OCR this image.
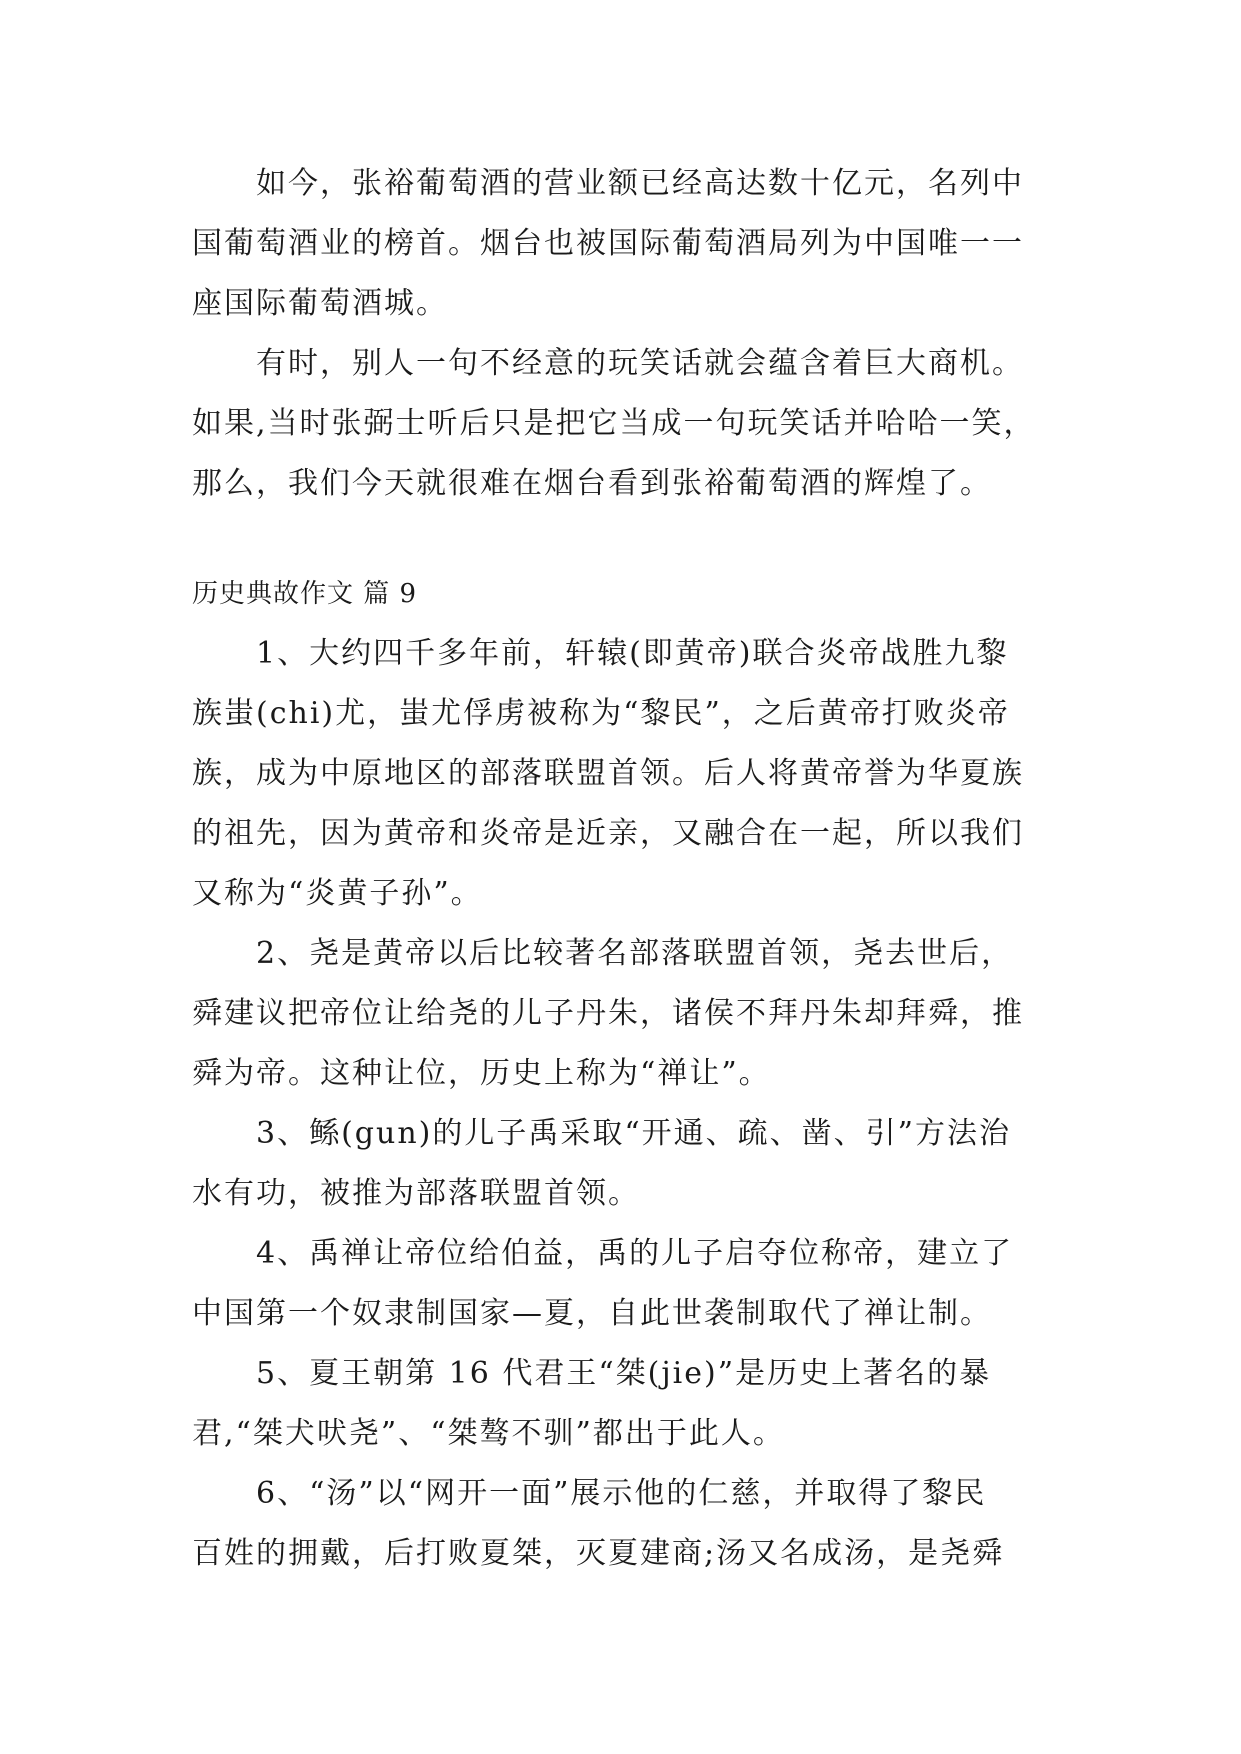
　　如今，张裕葡萄酒的营业额已经高达数十亿元，名列中
国葡萄酒业的榜首。烟台也被国际葡萄酒局列为中国唯一一
座国际葡萄酒城。
　　有时，别人一句不经意的玩笑话就会蕴含着巨大商机。
如果,当时张弼士听后只是把它当成一句玩笑话并哈哈一笑，
那么，我们今天就很难在烟台看到张裕葡萄酒的辉煌了。
历史典故作文 篇 9
　　1、大约四千多年前，轩辕(即黄帝)联合炎帝战胜九黎
族蚩(chi)尤，蚩尤俘虏被称为“黎民”，之后黄帝打败炎帝
族，成为中原地区的部落联盟首领。后人将黄帝誉为华夏族
的祖先，因为黄帝和炎帝是近亲，又融合在一起，所以我们
又称为“炎黄子孙”。
　　2、尧是黄帝以后比较著名部落联盟首领，尧去世后，
舜建议把帝位让给尧的儿子丹朱，诸侯不拜丹朱却拜舜，推
舜为帝。这种让位，历史上称为“禅让”。
　　3、鲧(gun)的儿子禹采取“开通、疏、凿、引”方法治
水有功，被推为部落联盟首领。
　　4、禹禅让帝位给伯益，禹的儿子启夺位称帝，建立了
中国第一个奴隶制国家—夏，自此世袭制取代了禅让制。
　　5、夏王朝第 16 代君王“桀(jie)”是历史上著名的暴
君,“桀犬吠尧”、“桀骜不驯”都出于此人。
　　6、“汤”以“网开一面”展示他的仁慈，并取得了黎民
百姓的拥戴，后打败夏桀，灭夏建商;汤又名成汤，是尧舜
